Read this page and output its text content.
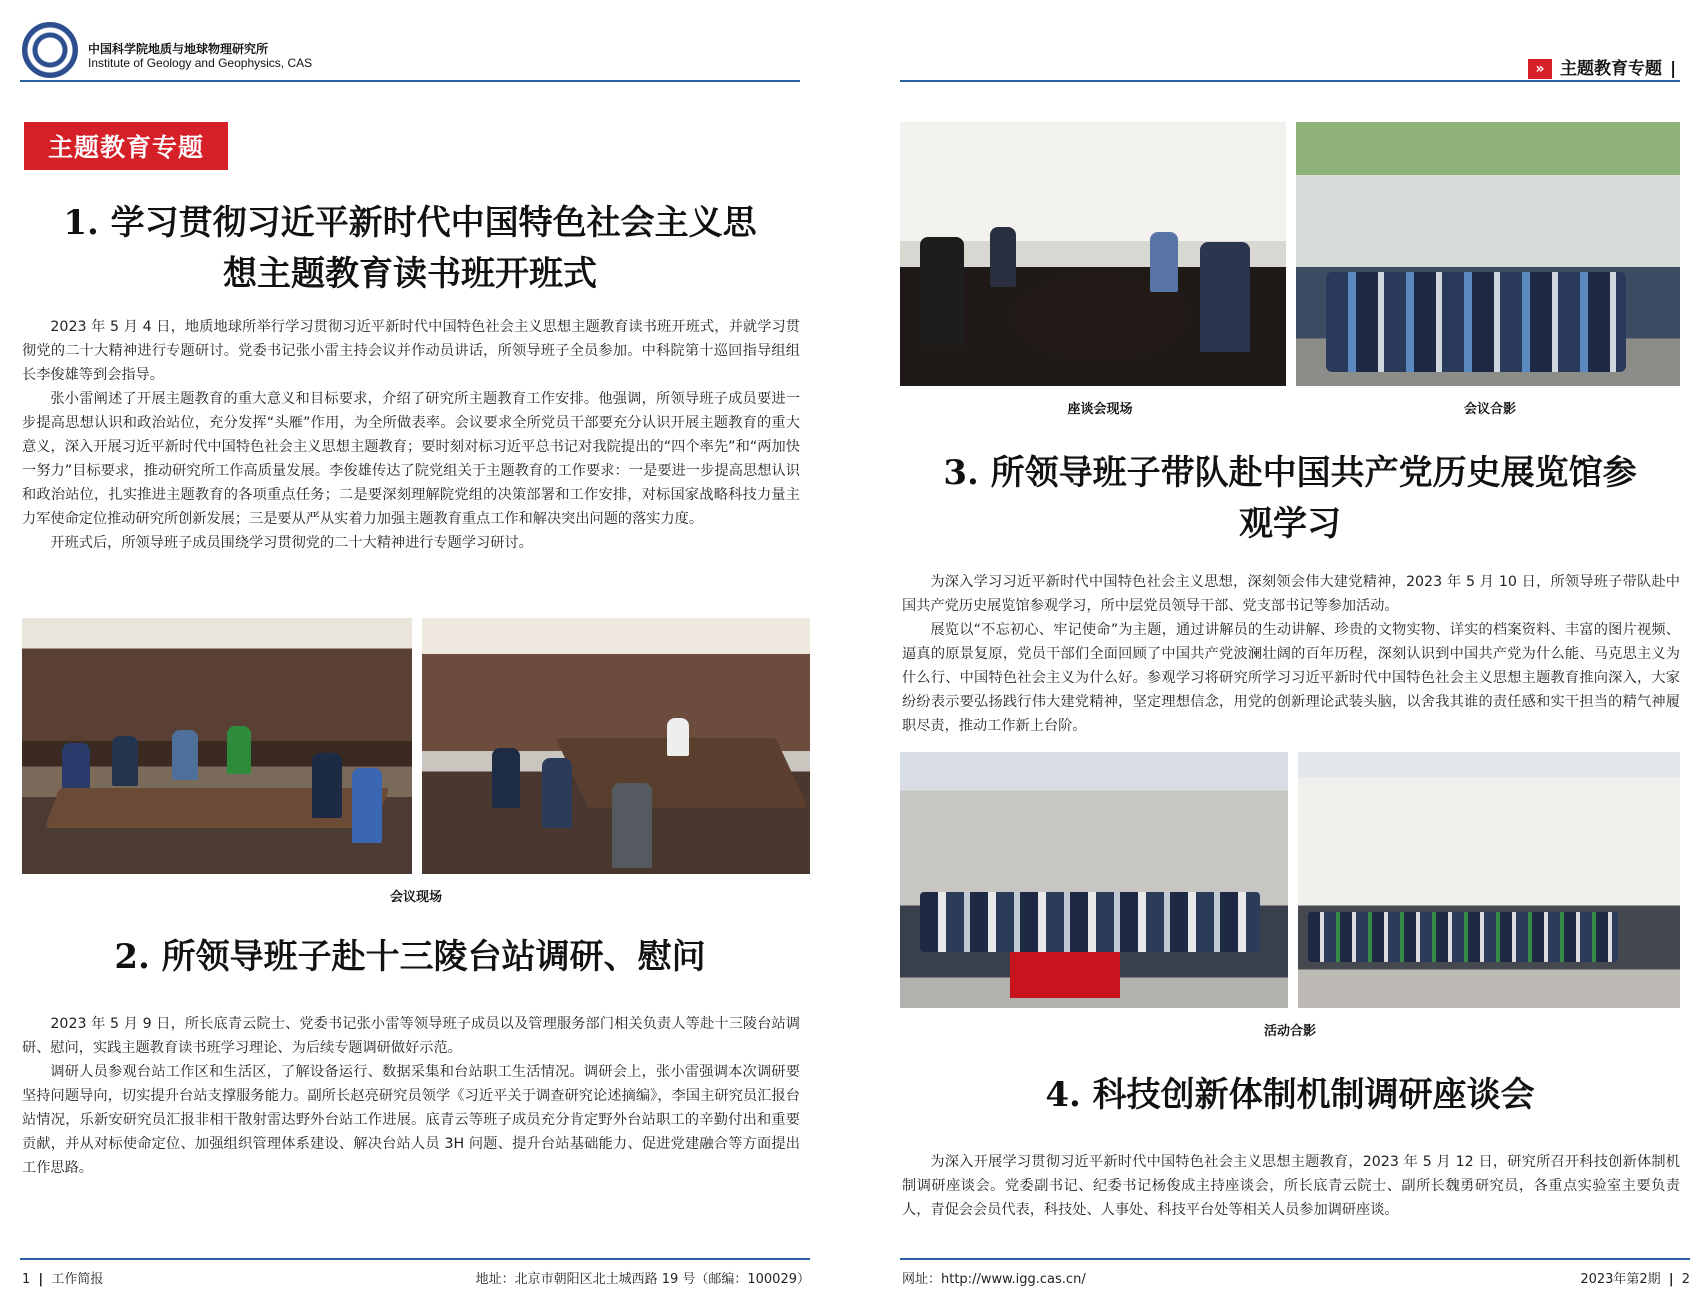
中国科学院地质与地球物理研究所
Institute of Geology and Geophysics, CAS
主题教育专题
1. 学习贯彻习近平新时代中国特色社会主义思
想主题教育读书班开班式

2023 年 5 月 4 日，地质地球所举行学习贯彻习近平新时代中国特色社会主义思想主题教育读书班开班式，并就学习贯彻党的二十大精神进行专题研讨。党委书记张小雷主持会议并作动员讲话，所领导班子全员参加。中科院第十巡回指导组组长李俊雄等到会指导。

张小雷阐述了开展主题教育的重大意义和目标要求，介绍了研究所主题教育工作安排。他强调，所领导班子成员要进一步提高思想认识和政治站位，充分发挥“头雁”作用，为全所做表率。会议要求全所党员干部要充分认识开展主题教育的重大意义，深入开展习近平新时代中国特色社会主义思想主题教育；要时刻对标习近平总书记对我院提出的“四个率先”和“两加快一努力”目标要求，推动研究所工作高质量发展。李俊雄传达了院党组关于主题教育的工作要求：一是要进一步提高思想认识和政治站位，扎实推进主题教育的各项重点任务；二是要深刻理解院党组的决策部署和工作安排，对标国家战略科技力量主力军使命定位推动研究所创新发展；三是要从严从实着力加强主题教育重点工作和解决突出问题的落实力度。

开班式后，所领导班子成员围绕学习贯彻党的二十大精神进行专题学习研讨。

会议现场
2. 所领导班子赴十三陵台站调研、慰问

2023 年 5 月 9 日，所长底青云院士、党委书记张小雷等领导班子成员以及管理服务部门相关负责人等赴十三陵台站调研、慰问，实践主题教育读书班学习理论、为后续专题调研做好示范。

调研人员参观台站工作区和生活区，了解设备运行、数据采集和台站职工生活情况。调研会上，张小雷强调本次调研要坚持问题导向，切实提升台站支撑服务能力。副所长赵亮研究员领学《习近平关于调查研究论述摘编》，李国主研究员汇报台站情况，乐新安研究员汇报非相干散射雷达野外台站工作进展。底青云等班子成员充分肯定野外台站职工的辛勤付出和重要贡献，并从对标使命定位、加强组织管理体系建设、解决台站人员 3H 问题、提升台站基础能力、促进党建融合等方面提出工作思路。

1 | 工作简报	地址：北京市朝阳区北土城西路 19 号（邮编：100029）
» 主题教育专题 |
座谈会现场	会议合影
3. 所领导班子带队赴中国共产党历史展览馆参
观学习

为深入学习习近平新时代中国特色社会主义思想，深刻领会伟大建党精神，2023 年 5 月 10 日，所领导班子带队赴中国共产党历史展览馆参观学习，所中层党员领导干部、党支部书记等参加活动。

展览以“不忘初心、牢记使命”为主题，通过讲解员的生动讲解、珍贵的文物实物、详实的档案资料、丰富的图片视频、逼真的原景复原，党员干部们全面回顾了中国共产党波澜壮阔的百年历程，深刻认识到中国共产党为什么能、马克思主义为什么行、中国特色社会主义为什么好。参观学习将研究所学习习近平新时代中国特色社会主义思想主题教育推向深入，大家纷纷表示要弘扬践行伟大建党精神，坚定理想信念，用党的创新理论武装头脑，以舍我其谁的责任感和实干担当的精气神履职尽责，推动工作新上台阶。

活动合影
4. 科技创新体制机制调研座谈会

为深入开展学习贯彻习近平新时代中国特色社会主义思想主题教育，2023 年 5 月 12 日，研究所召开科技创新体制机制调研座谈会。党委副书记、纪委书记杨俊成主持座谈会，所长底青云院士、副所长魏勇研究员，各重点实验室主要负责人，青促会会员代表，科技处、人事处、科技平台处等相关人员参加调研座谈。

网址：http://www.igg.cas.cn/	2023年第2期 | 2
